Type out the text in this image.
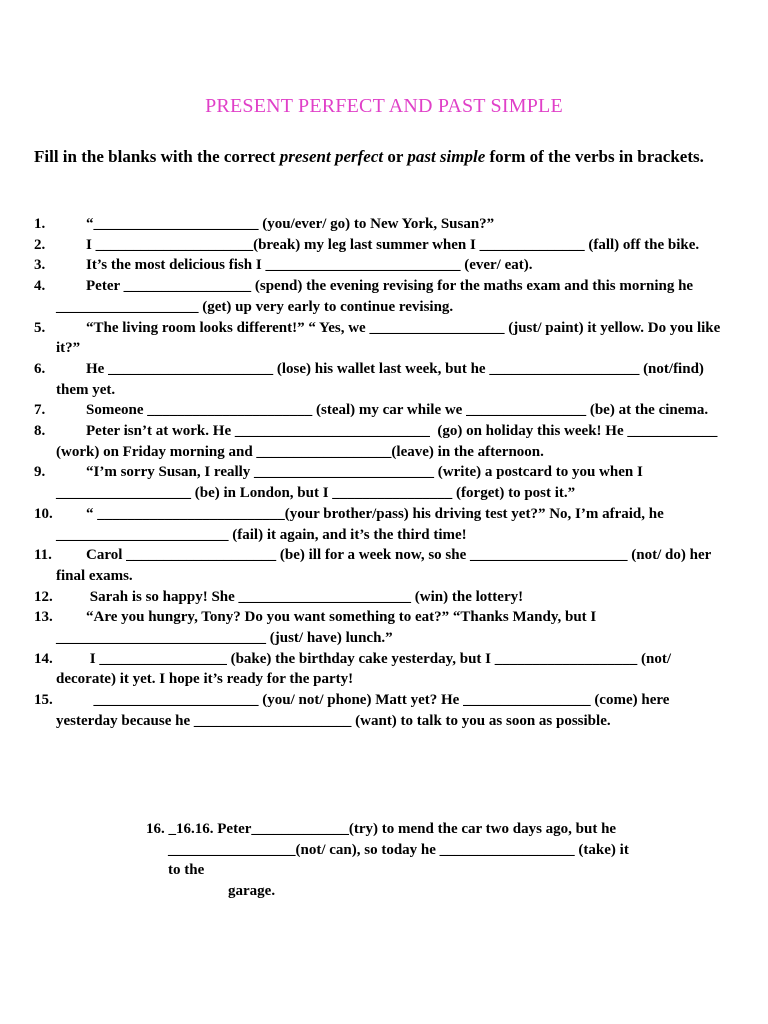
PRESENT PERFECT AND PAST SIMPLE
Fill in the blanks with the correct present perfect or past simple form of the verbs in brackets.
1. “______________________ (you/ever/ go) to New York, Susan?”
2. I _____________________(break) my leg last summer when I ______________ (fall) off the bike.
3. It’s the most delicious fish I __________________________ (ever/ eat).
4. Peter _________________ (spend) the evening revising for the maths exam and this morning he ___________________ (get) up very early to continue revising.
5. “The living room looks different!” “ Yes, we __________________ (just/ paint) it yellow. Do you like it?”
6. He ______________________ (lose) his wallet last week, but he ____________________ (not/find) them yet.
7. Someone ______________________ (steal) my car while we ________________ (be) at the cinema.
8. Peter isn’t at work. He __________________________  (go) on holiday this week! He ____________ (work) on Friday morning and __________________(leave) in the afternoon.
9. “I’m sorry Susan, I really ________________________ (write) a postcard to you when I __________________ (be) in London, but I ________________ (forget) to post it.”
10. “ _________________________(your brother/pass) his driving test yet?” No, I’m afraid, he _______________________ (fail) it again, and it’s the third time!
11. Carol ____________________ (be) ill for a week now, so she _____________________ (not/ do) her final exams.
12. Sarah is so happy! She _______________________ (win) the lottery!
13. “Are you hungry, Tony? Do you want something to eat?” “Thanks Mandy, but I ____________________________ (just/ have) lunch.”
14. I _________________ (bake) the birthday cake yesterday, but I ___________________ (not/ decorate) it yet. I hope it’s ready for the party!
15. ______________________ (you/ not/ phone) Matt yet? He _________________ (come) here yesterday because he _____________________ (want) to talk to you as soon as possible.
16. _16.16. Peter_____________(try) to mend the car two days ago, but he
_________________(not/ can), so today he __________________ (take) it
to the
garage.
